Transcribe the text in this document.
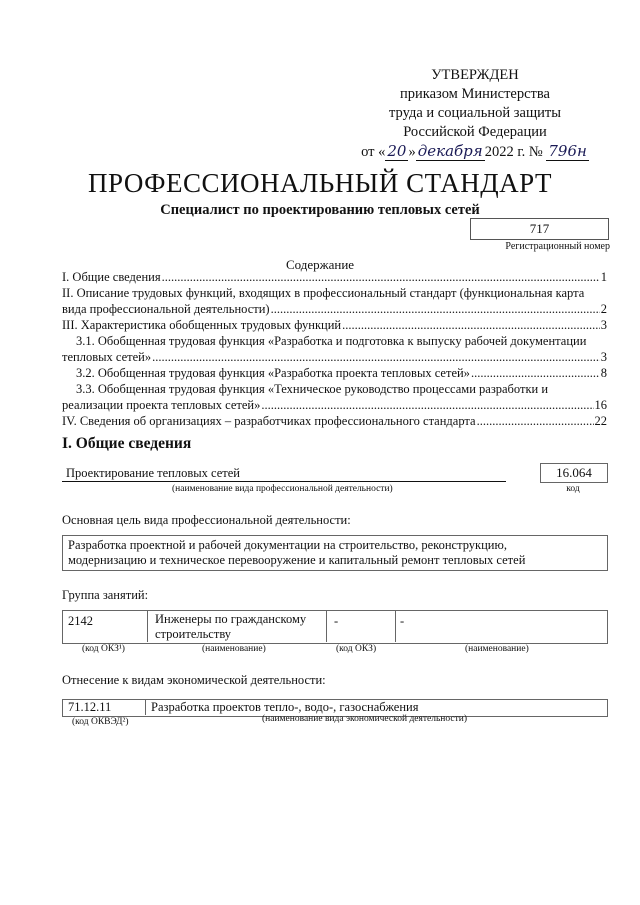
УТВЕРЖДЕН
приказом Министерства
труда и социальной защиты
Российской Федерации
от « 20 » декабря 2022 г. № 796н
ПРОФЕССИОНАЛЬНЫЙ СТАНДАРТ
Специалист по проектированию тепловых сетей
717
Регистрационный номер
Содержание
I. Общие сведения .....	1
II. Описание трудовых функций, входящих в профессиональный стандарт (функциональная карта
вида профессиональной деятельности) .....	2
III. Характеристика обобщенных трудовых функций .....	3
3.1. Обобщенная трудовая функция «Разработка и подготовка к выпуску рабочей документации
тепловых сетей» .....	3
3.2. Обобщенная трудовая функция «Разработка проекта тепловых сетей» .....	8
3.3. Обобщенная трудовая функция «Техническое руководство процессами разработки и
реализации проекта тепловых сетей» .....	16
IV. Сведения об организациях – разработчиках профессионального стандарта .....	22
I. Общие сведения
Проектирование тепловых сетей
(наименование вида профессиональной деятельности)
16.064
код
Основная цель вида профессиональной деятельности:
Разработка проектной и рабочей документации на строительство, реконструкцию,
модернизацию и техническое перевооружение и капитальный ремонт тепловых сетей
Группа занятий:
2142	Инженеры по гражданскому
строительству
-	-
(код ОКЗ¹)	(наименование)	(код ОКЗ)	(наименование)
Отнесение к видам экономической деятельности:
71.12.11	Разработка проектов тепло-, водо-, газоснабжения
(код ОКВЭД²)	(наименование вида экономической деятельности)
